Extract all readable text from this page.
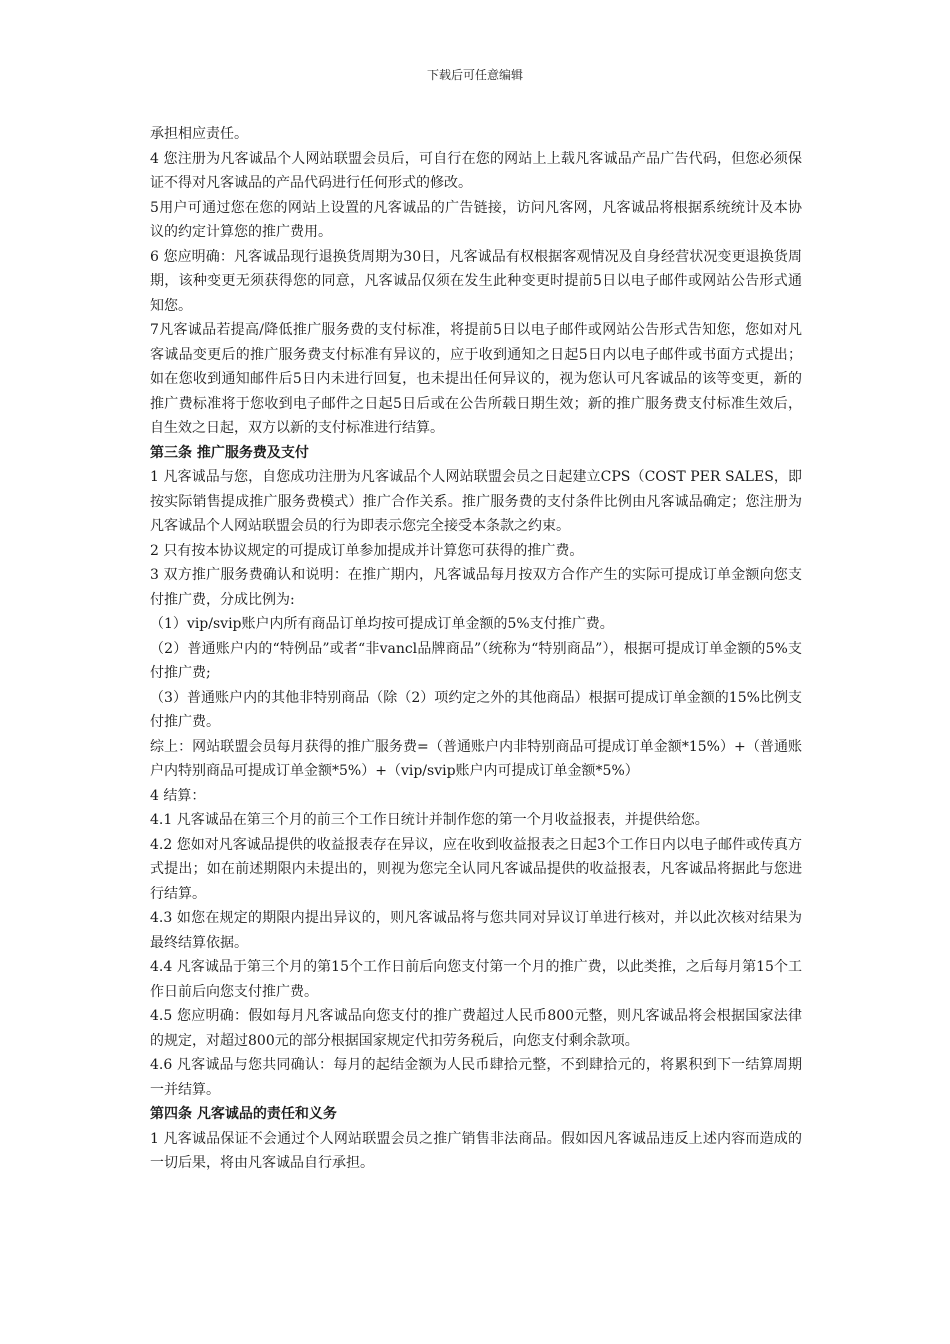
下载后可任意编辑

承担相应责任。

4 您注册为凡客诚品个人网站联盟会员后，可自行在您的网站上上载凡客诚品产品广告代码，但您必须保证不得对凡客诚品的产品代码进行任何形式的修改。

5用户可通过您在您的网站上设置的凡客诚品的广告链接，访问凡客网，凡客诚品将根据系统统计及本协议的约定计算您的推广费用。

6 您应明确：凡客诚品现行退换货周期为30日，凡客诚品有权根据客观情况及自身经营状况变更退换货周期，该种变更无须获得您的同意，凡客诚品仅须在发生此种变更时提前5日以电子邮件或网站公告形式通知您。

7凡客诚品若提高/降低推广服务费的支付标准，将提前5日以电子邮件或网站公告形式告知您，您如对凡客诚品变更后的推广服务费支付标准有异议的，应于收到通知之日起5日内以电子邮件或书面方式提出；如在您收到通知邮件后5日内未进行回复，也未提出任何异议的，视为您认可凡客诚品的该等变更，新的推广费标准将于您收到电子邮件之日起5日后或在公告所载日期生效；新的推广服务费支付标准生效后，自生效之日起，双方以新的支付标准进行结算。

第三条 推广服务费及支付

1 凡客诚品与您，自您成功注册为凡客诚品个人网站联盟会员之日起建立CPS（COST PER SALES，即按实际销售提成推广服务费模式）推广合作关系。推广服务费的支付条件比例由凡客诚品确定；您注册为凡客诚品个人网站联盟会员的行为即表示您完全接受本条款之约束。

2 只有按本协议规定的可提成订单参加提成并计算您可获得的推广费。

3 双方推广服务费确认和说明：在推广期内，凡客诚品每月按双方合作产生的实际可提成订单金额向您支付推广费，分成比例为:

（1）vip/svip账户内所有商品订单均按可提成订单金额的5%支付推广费。

（2）普通账户内的“特例品”或者“非vancl品牌商品”（统称为“特别商品”），根据可提成订单金额的5%支付推广费;

（3）普通账户内的其他非特别商品（除（2）项约定之外的其他商品）根据可提成订单金额的15%比例支付推广费。

综上：网站联盟会员每月获得的推广服务费=（普通账户内非特别商品可提成订单金额*15%）+（普通账户内特别商品可提成订单金额*5%）+（vip/svip账户内可提成订单金额*5%）

4 结算：

4.1 凡客诚品在第三个月的前三个工作日统计并制作您的第一个月收益报表，并提供给您。

4.2 您如对凡客诚品提供的收益报表存在异议，应在收到收益报表之日起3个工作日内以电子邮件或传真方式提出；如在前述期限内未提出的，则视为您完全认同凡客诚品提供的收益报表，凡客诚品将据此与您进行结算。

4.3 如您在规定的期限内提出异议的，则凡客诚品将与您共同对异议订单进行核对，并以此次核对结果为最终结算依据。

4.4 凡客诚品于第三个月的第15个工作日前后向您支付第一个月的推广费，以此类推，之后每月第15个工作日前后向您支付推广费。

4.5 您应明确：假如每月凡客诚品向您支付的推广费超过人民币800元整，则凡客诚品将会根据国家法律的规定，对超过800元的部分根据国家规定代扣劳务税后，向您支付剩余款项。

4.6 凡客诚品与您共同确认：每月的起结金额为人民币肆拾元整，不到肆拾元的，将累积到下一结算周期一并结算。

第四条 凡客诚品的责任和义务

1 凡客诚品保证不会通过个人网站联盟会员之推广销售非法商品。假如因凡客诚品违反上述内容而造成的一切后果，将由凡客诚品自行承担。
